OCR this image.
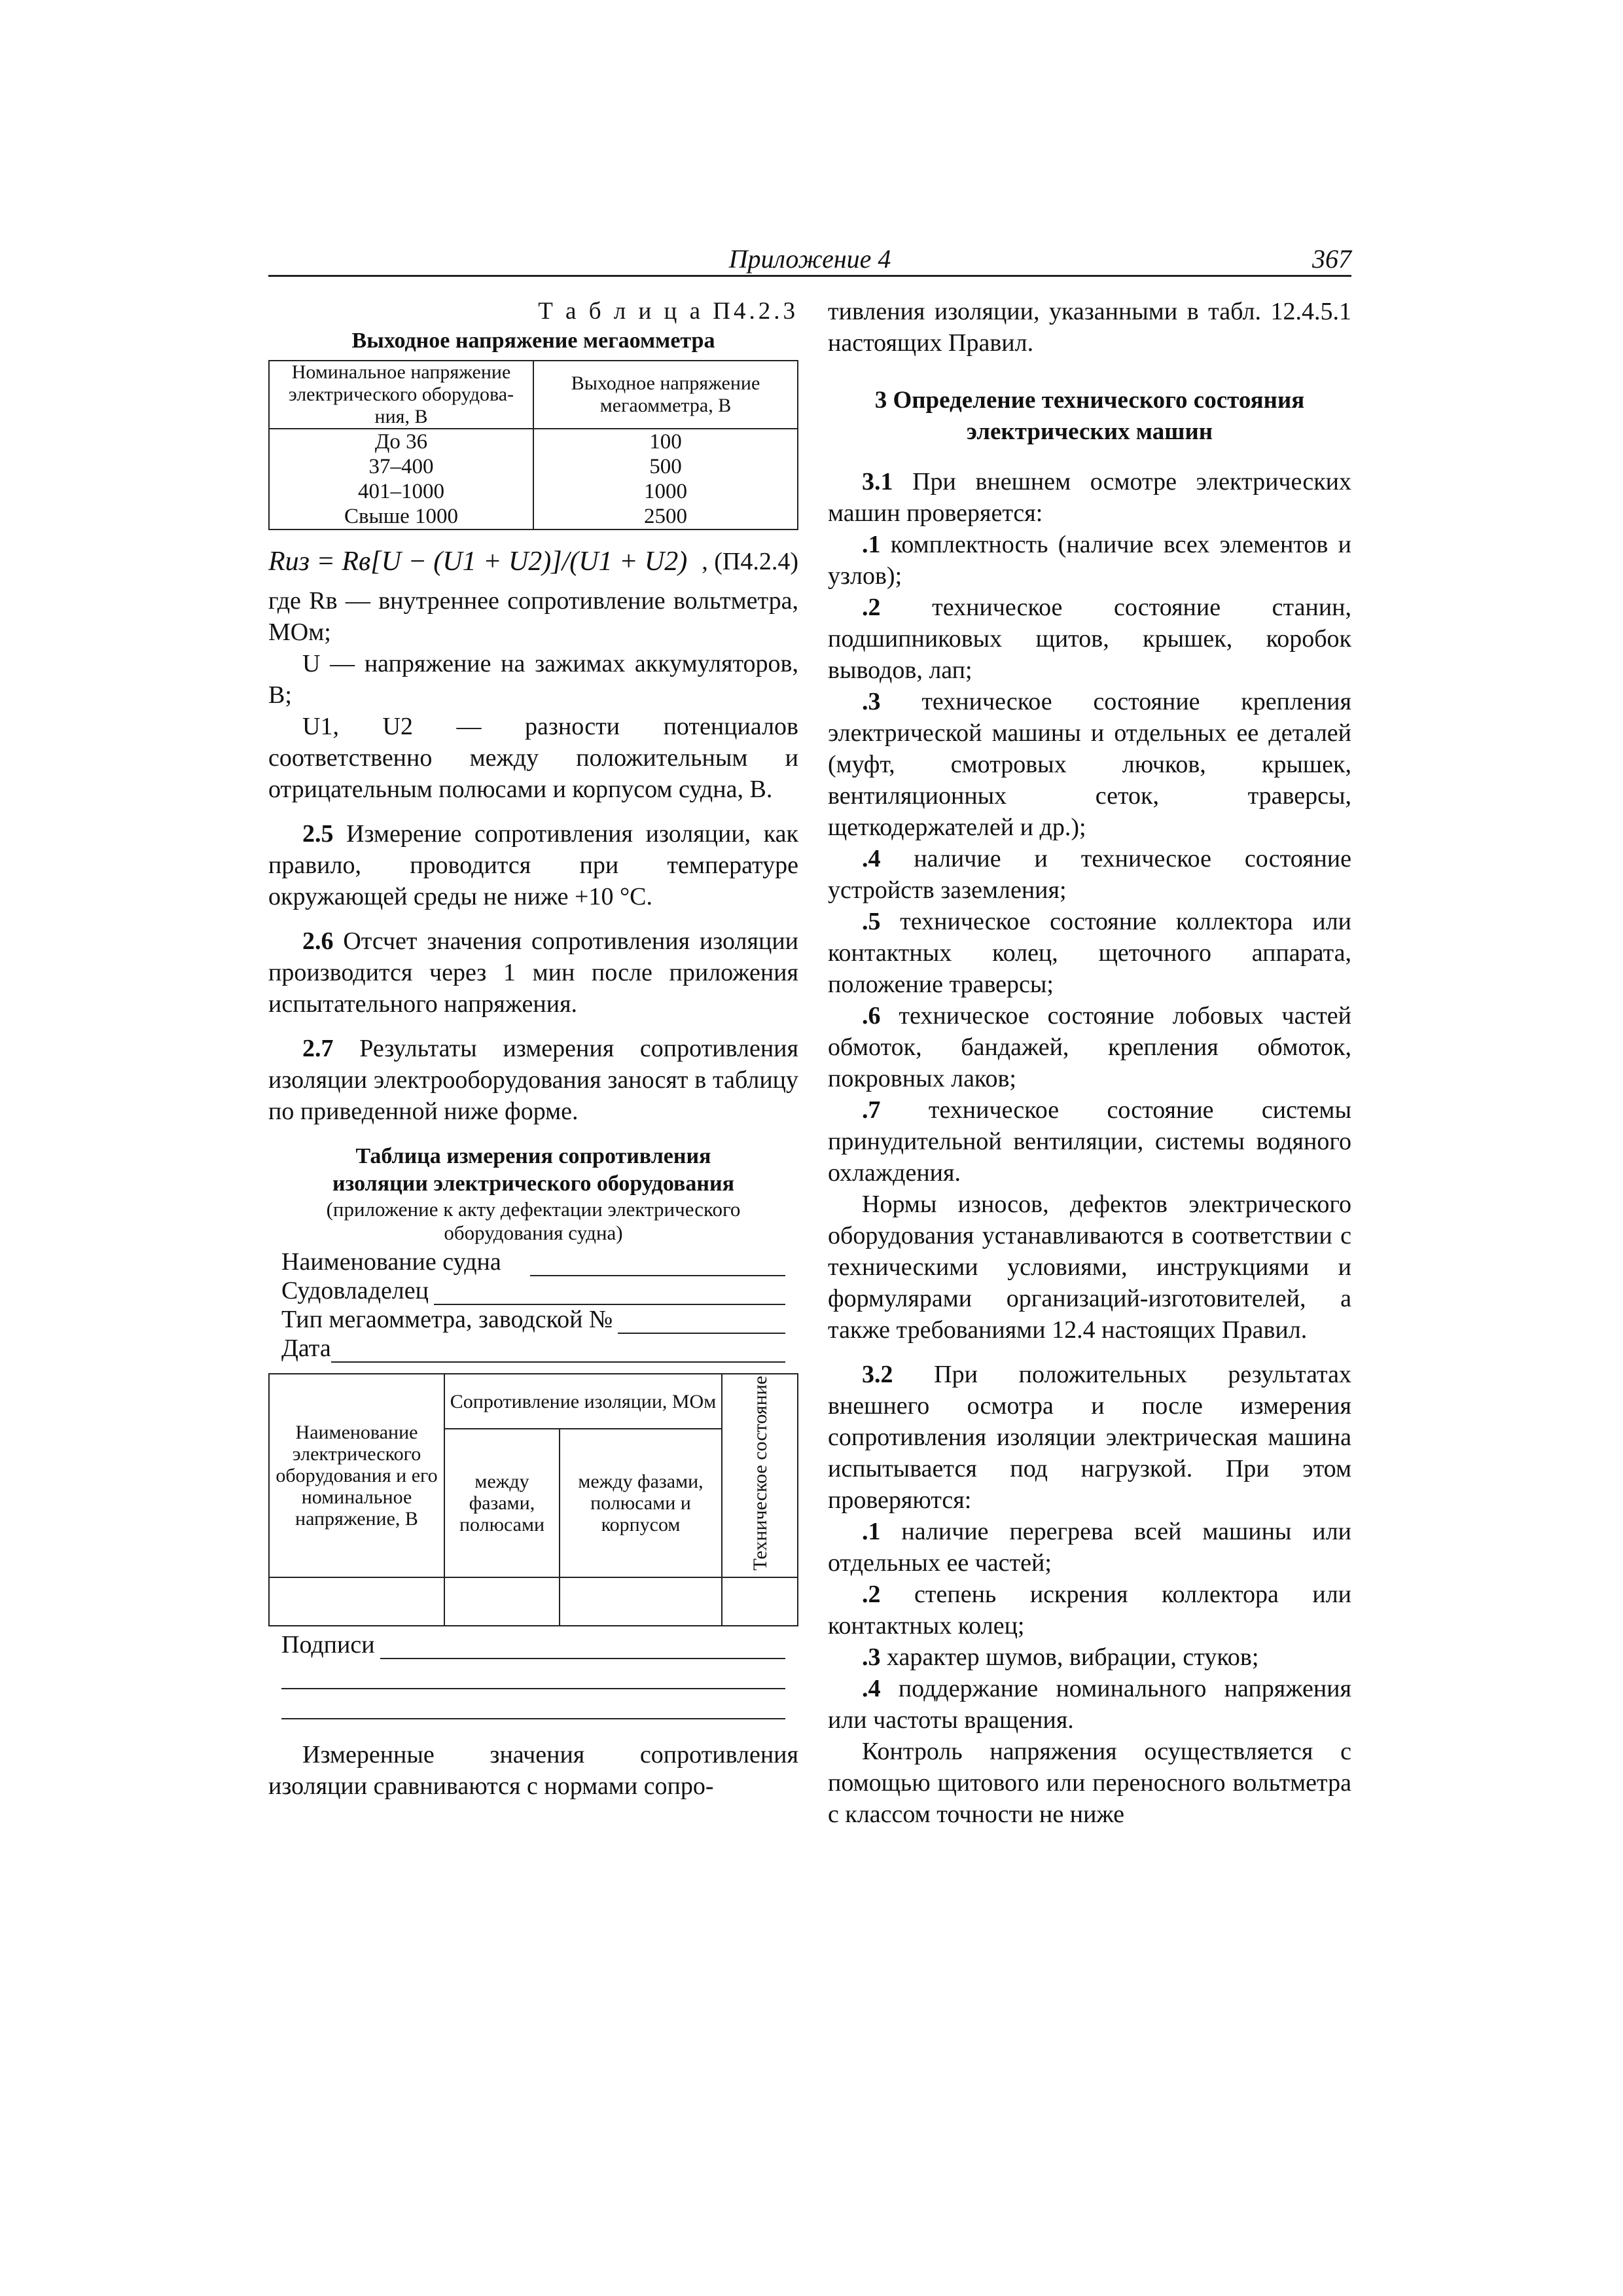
Приложение 4	367
Т а б л и ц а П4.2.3
Выходное напряжение мегаомметра
Номинальное напряжение электрического оборудова-ния, В	Выходное напряжение мегаомметра, В
До 36	100
37–400	500
401–1000	1000
Свыше 1000	2500
Rиз = Rв[U − (U1 + U2)]/(U1 + U2) , (П4.2.4)

где Rв — внутреннее сопротивление вольтметра, МОм;

U — напряжение на зажимах аккумуляторов, В;

U1, U2 — разности потенциалов соответственно между положительным и отрицательным полюсами и корпусом судна, В.

2.5 Измерение сопротивления изоляции, как правило, проводится при температуре окружающей среды не ниже +10 °С.

2.6 Отсчет значения сопротивления изоляции производится через 1 мин после приложения испытательного напряжения.

2.7 Результаты измерения сопротивления изоляции электрооборудования заносят в таблицу по приведенной ниже форме.

Таблица измерения сопротивления изоляции электрического оборудования
(приложение к акту дефектации электрического оборудования судна)
Наименование судна
Судовладелец
Тип мегаомметра, заводской №
Дата
Наименование электрического оборудования и его номинальное напряжение, В	Сопротивление изоляции, МОм		Техническое состояние
	между фазами, полюсами	между фазами, полюсами и корпусом	

Подписи

Измеренные значения сопротивления изоляции сравниваются с нормами сопро-

тивления изоляции, указанными в табл. 12.4.5.1 настоящих Правил.

3 Определение технического состояния электрических машин

3.1 При внешнем осмотре электрических машин проверяется:

.1 комплектность (наличие всех элементов и узлов);

.2 техническое состояние станин, подшипниковых щитов, крышек, коробок выводов, лап;

.3 техническое состояние крепления электрической машины и отдельных ее деталей (муфт, смотровых лючков, крышек, вентиляционных сеток, траверсы, щеткодержателей и др.);

.4 наличие и техническое состояние устройств заземления;

.5 техническое состояние коллектора или контактных колец, щеточного аппарата, положение траверсы;

.6 техническое состояние лобовых частей обмоток, бандажей, крепления обмоток, покровных лаков;

.7 техническое состояние системы принудительной вентиляции, системы водяного охлаждения.

Нормы износов, дефектов электрического оборудования устанавливаются в соответствии с техническими условиями, инструкциями и формулярами организаций-изготовителей, а также требованиями 12.4 настоящих Правил.

3.2 При положительных результатах внешнего осмотра и после измерения сопротивления изоляции электрическая машина испытывается под нагрузкой. При этом проверяются:

.1 наличие перегрева всей машины или отдельных ее частей;

.2 степень искрения коллектора или контактных колец;

.3 характер шумов, вибрации, стуков;

.4 поддержание номинального напряжения или частоты вращения.

Контроль напряжения осуществляется с помощью щитового или переносного вольтметра с классом точности не ниже
